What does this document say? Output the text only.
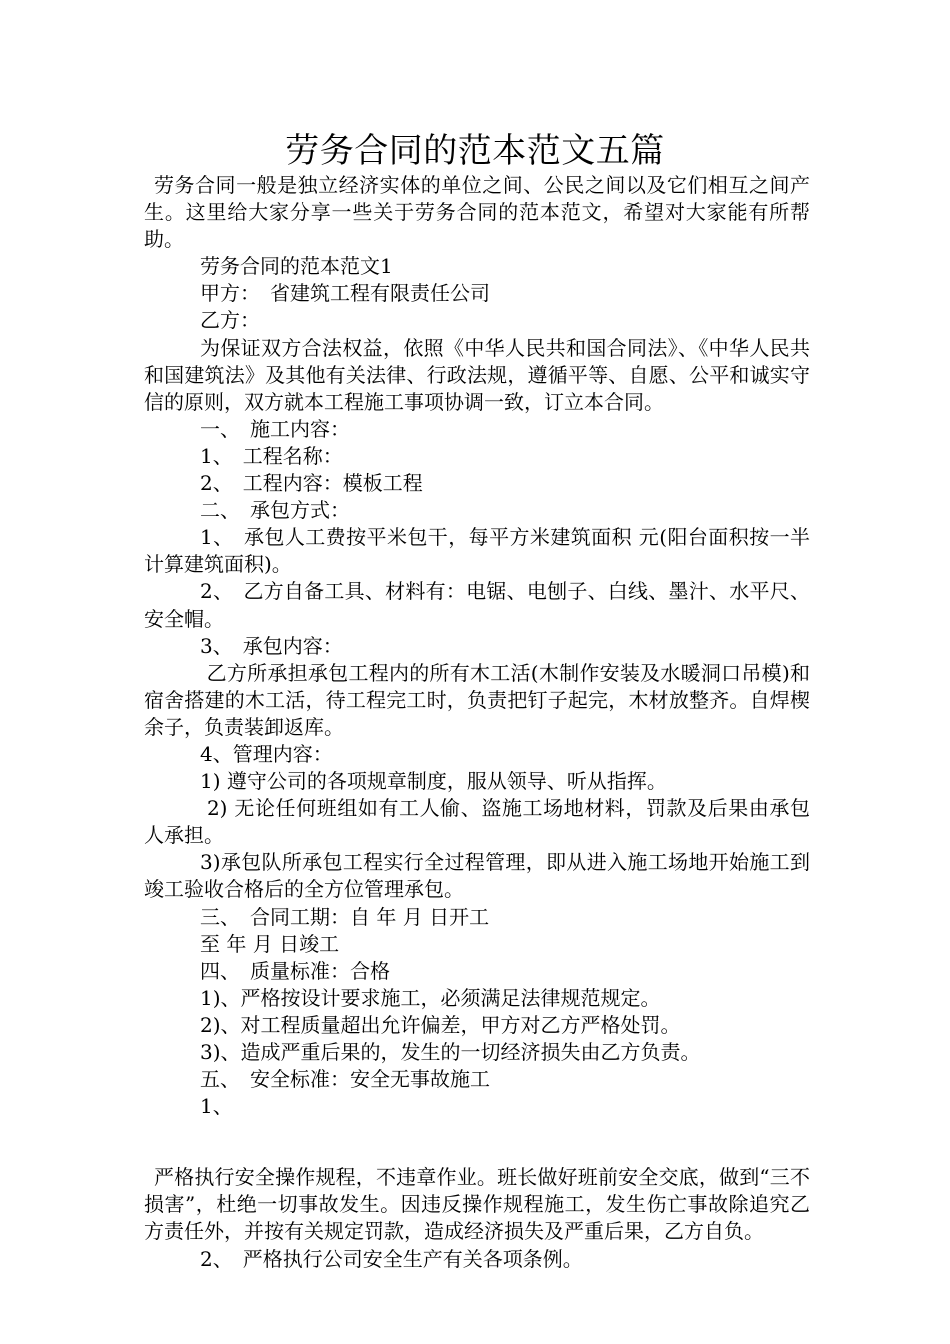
劳务合同的范本范文五篇

劳务合同一般是独立经济实体的单位之间、公民之间以及它们相互之间产生。这里给大家分享一些关于劳务合同的范本范文，希望对大家能有所帮助。

劳务合同的范本范文1

甲方：　省建筑工程有限责任公司

乙方：

为保证双方合法权益，依照《中华人民共和国合同法》、《中华人民共和国建筑法》及其他有关法律、行政法规，遵循平等、自愿、公平和诚实守信的原则，双方就本工程施工事项协调一致，订立本合同。

一、　施工内容：

1、　工程名称：

2、　工程内容：模板工程

二、　承包方式：

1、　承包人工费按平米包干，每平方米建筑面积 元(阳台面积按一半计算建筑面积)。

2、　乙方自备工具、材料有：电锯、电刨子、白线、墨汁、水平尺、安全帽。

3、　承包内容：

乙方所承担承包工程内的所有木工活(木制作安装及水暖洞口吊模)和宿舍搭建的木工活，待工程完工时，负责把钉子起完，木材放整齐。自焊楔余子，负责装卸返库。

4、管理内容：

1) 遵守公司的各项规章制度，服从领导、听从指挥。

2) 无论任何班组如有工人偷、盗施工场地材料，罚款及后果由承包人承担。

3)承包队所承包工程实行全过程管理，即从进入施工场地开始施工到竣工验收合格后的全方位管理承包。

三、　合同工期：自 年 月 日开工

至 年 月 日竣工

四、　质量标准：合格

1)、严格按设计要求施工，必须满足法律规范规定。

2)、对工程质量超出允许偏差，甲方对乙方严格处罚。

3)、造成严重后果的，发生的一切经济损失由乙方负责。

五、　安全标准：安全无事故施工

1、

严格执行安全操作规程，不违章作业。班长做好班前安全交底，做到“三不损害”，杜绝一切事故发生。因违反操作规程施工，发生伤亡事故除追究乙方责任外，并按有关规定罚款，造成经济损失及严重后果，乙方自负。

2、　严格执行公司安全生产有关各项条例。
